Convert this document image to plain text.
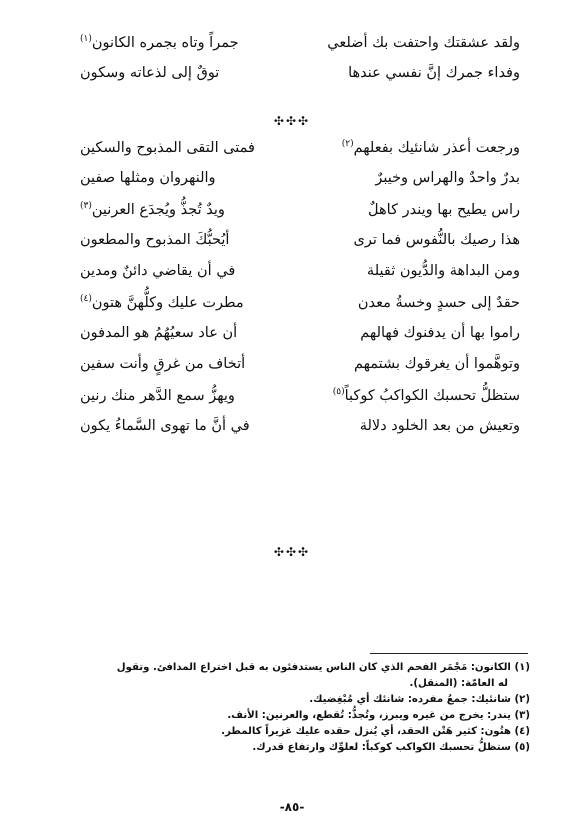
ولقد عشقتك واحتفت بك أضلعي
جمراً وتاه بجمره الكانون$^{(١)}$
وفداء جمرك إنَّ نفسي عندها
توقٌ إلى لذعاته وسكون
✣✣✣
ورجعت أعذر شانئيك بفعلهم$^{(٢)}$
فمتى التقى المذبوح والسكين
بدرٌ واحدٌ والهراس وخيبرٌ
والنهروان ومثلها صفين
راس يطيح بها ويندر كاهلٌ
ويدٌ تُجذُّ ويُجدَع العرنين$^{(٣)}$
هذا رصيك بالنُّفوس فما ترى
أيُحبُّكَ المذبوح والمطعون
ومن البداهة والدُّيون ثقيلة
في أن يقاضي دائنٌ ومدين
حقدٌ إلى حسدٍ وخسةُ معدن
مطرت عليك وكلُّهنَّ هتون$^{(٤)}$
راموا بها أن يدفنوك فهالهم
أن عاد سعيُهُمُ هو المدفون
وتوهَّموا أن يغرقوك بشتمهم
أتخاف من غرقٍ وأنت سفين
ستظلُّ تحسبك الكواكبُ كوكباً$^{(٥)}$
ويهزُّ سمع الدَّهر منك رنين
وتعيش من بعد الخلود دلالة
في أنَّ ما تهوى السَّماءُ يكون
✣✣✣
(١) الكانون: مَجْمَر الفحم الذي كان الناس يستدفئون به قبل اختراع المدافئ. وتقول
له العامّة: (المنقل).
(٢) شانئيك: جمعُ مفرده: شانئك أي مُبْغِضيك.
(٣) يندر: يخرج من غيره ويبرز، وتُجذُّ: تُقطع، والعرنين: الأنف.
(٤) هتُون: كثير هَتْن الحقد، أي يُنزل حقده عليك غزيراً كالمطر.
(٥) ستظلُّ تحسبك الكواكب كوكباً: لعلوِّك وارتفاع قدرك.
-٨٥-
